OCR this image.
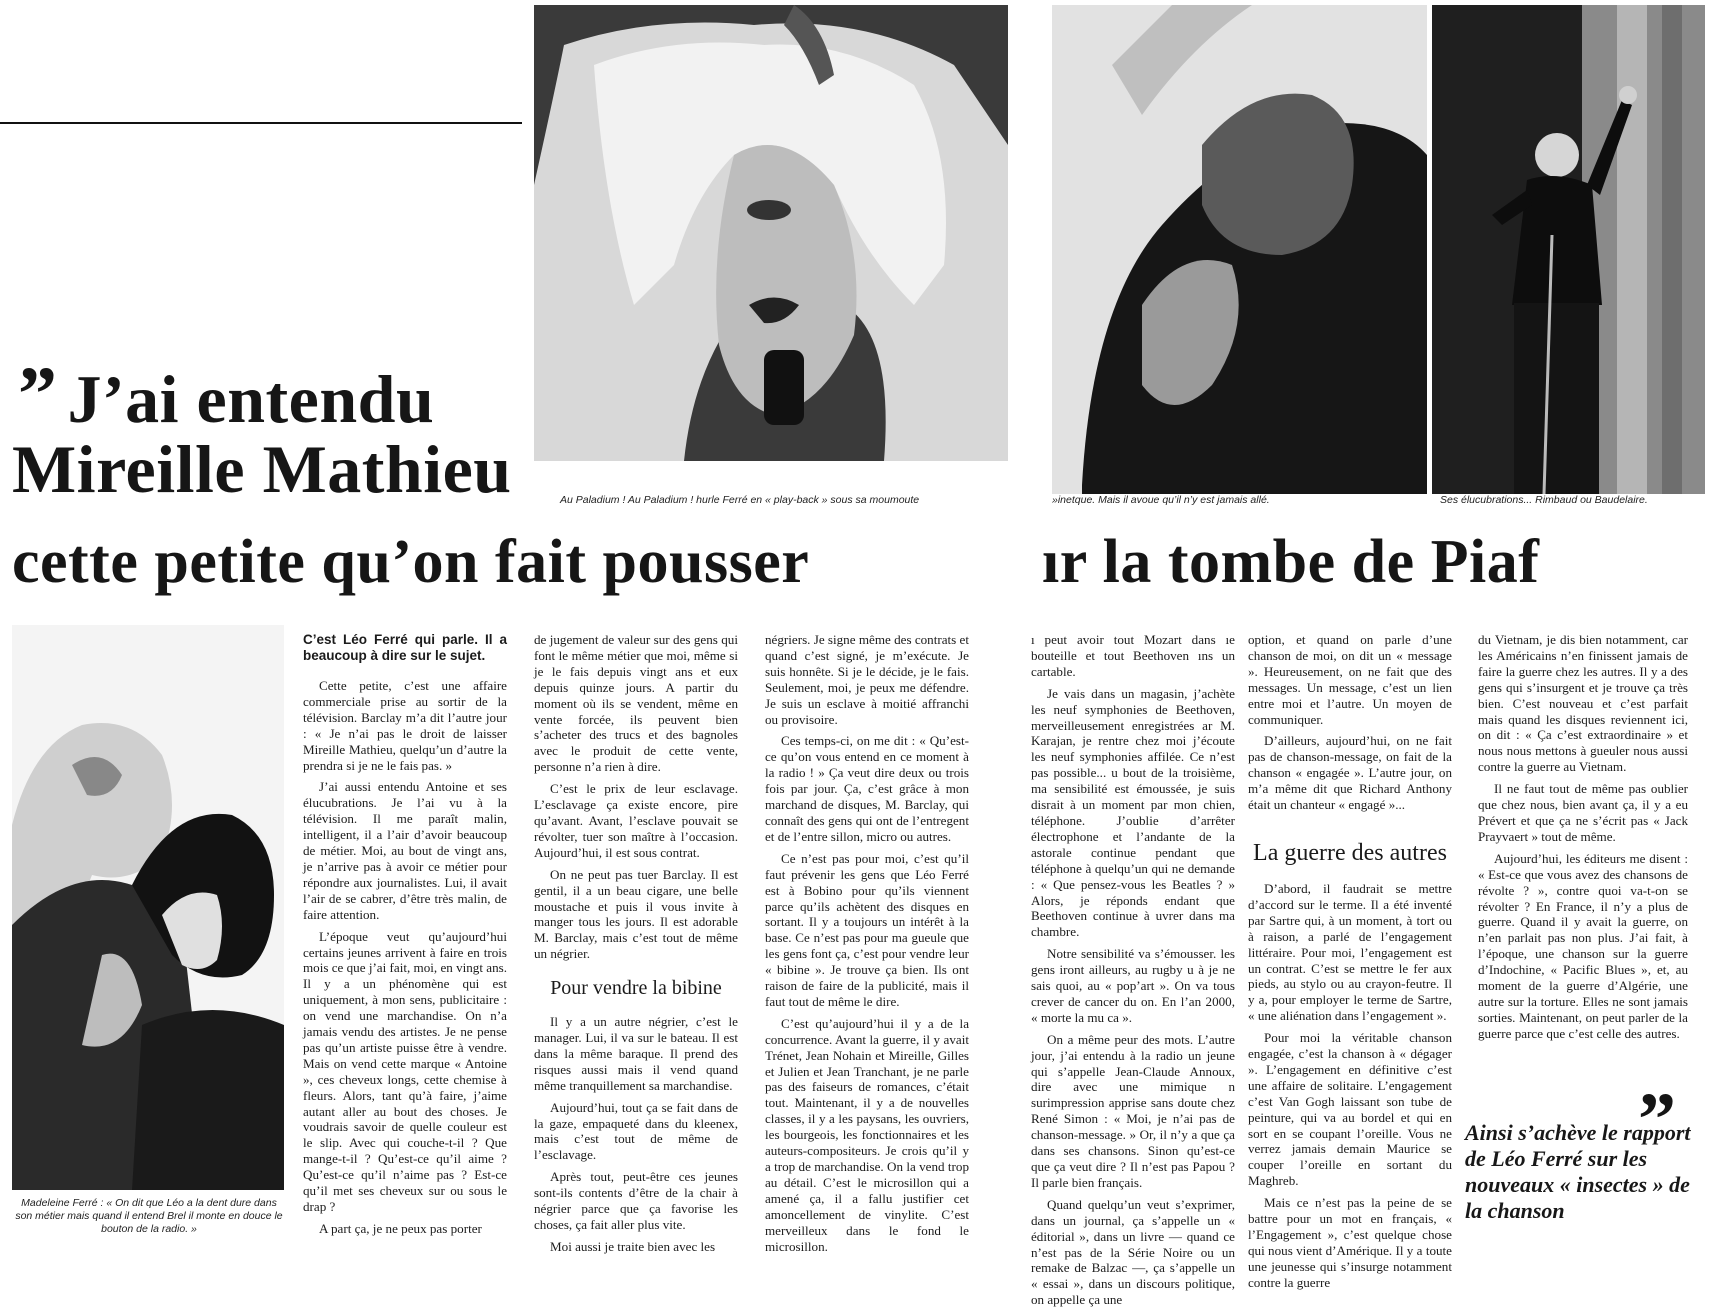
Au Paladium ! Au Paladium ! hurle Ferré en « play-back » sous sa moumoute	»inetque. Mais il avoue qu’il n’y est jamais allé.	Ses élucubrations... Rimbaud ou Baudelaire.
” J’ai entendu
Mireille Mathieu
cette petite qu’on fait pousser	ır la tombe de Piaf
Madeleine Ferré : « On dit que Léo a la dent dure dans son métier mais quand il entend Brel il monte en douce le bouton de la radio. »
C’est Léo Ferré qui parle. Il a beaucoup à dire sur le sujet.

Cette petite, c’est une affaire commerciale prise au sortir de la télévision. Barclay m’a dit l’autre jour : « Je n’ai pas le droit de laisser Mireille Mathieu, quelqu’un d’autre la prendra si je ne le fais pas. »

J’ai aussi entendu Antoine et ses élucubrations. Je l’ai vu à la télévision. Il me paraît malin, intelligent, il a l’air d’avoir beaucoup de métier. Moi, au bout de vingt ans, je n’arrive pas à avoir ce métier pour répondre aux journalistes. Lui, il avait l’air de se cabrer, d’être très malin, de faire attention.

L’époque veut qu’aujourd’hui certains jeunes arrivent à faire en trois mois ce que j’ai fait, moi, en vingt ans. Il y a un phénomène qui est uniquement, à mon sens, publicitaire : on vend une marchandise. On n’a jamais vendu des artistes. Je ne pense pas qu’un artiste puisse être à vendre. Mais on vend cette marque « Antoine », ces cheveux longs, cette chemise à fleurs. Alors, tant qu’à faire, j’aime autant aller au bout des choses. Je voudrais savoir de quelle couleur est le slip. Avec qui couche-t-il ? Que mange-t-il ? Qu’est-ce qu’il aime ? Qu’est-ce qu’il n’aime pas ? Est-ce qu’il met ses cheveux sur ou sous le drap ?

A part ça, je ne peux pas porter

de jugement de valeur sur des gens qui font le même métier que moi, même si je le fais depuis vingt ans et eux depuis quinze jours. A partir du moment où ils se vendent, même en vente forcée, ils peuvent bien s’acheter des trucs et des bagnoles avec le produit de cette vente, personne n’a rien à dire.

C’est le prix de leur esclavage. L’esclavage ça existe encore, pire qu’avant. Avant, l’esclave pouvait se révolter, tuer son maître à l’occasion. Aujourd’hui, il est sous contrat.

On ne peut pas tuer Barclay. Il est gentil, il a un beau cigare, une belle moustache et puis il vous invite à manger tous les jours. Il est adorable M. Barclay, mais c’est tout de même un négrier.

Pour vendre la bibine

Il y a un autre négrier, c’est le manager. Lui, il va sur le bateau. Il est dans la même baraque. Il prend des risques aussi mais il vend quand même tranquillement sa marchandise.

Aujourd’hui, tout ça se fait dans de la gaze, empaqueté dans du kleenex, mais c’est tout de même de l’esclavage.

Après tout, peut-être ces jeunes sont-ils contents d’être de la chair à négrier parce que ça favorise les choses, ça fait aller plus vite.

Moi aussi je traite bien avec les

négriers. Je signe même des contrats et quand c’est signé, je m’exécute. Je suis honnête. Si je le décide, je le fais. Seulement, moi, je peux me défendre. Je suis un esclave à moitié affranchi ou provisoire.

Ces temps-ci, on me dit : « Qu’est-ce qu’on vous entend en ce moment à la radio ! » Ça veut dire deux ou trois fois par jour. Ça, c’est grâce à mon marchand de disques, M. Barclay, qui connaît des gens qui ont de l’entregent et de l’entre sillon, micro ou autres.

Ce n’est pas pour moi, c’est qu’il faut prévenir les gens que Léo Ferré est à Bobino pour qu’ils viennent parce qu’ils achètent des disques en sortant. Il y a toujours un intérêt à la base. Ce n’est pas pour ma gueule que les gens font ça, c’est pour vendre leur « bibine ». Je trouve ça bien. Ils ont raison de faire de la publicité, mais il faut tout de même le dire.

C’est qu’aujourd’hui il y a de la concurrence. Avant la guerre, il y avait Trénet, Jean Nohain et Mireille, Gilles et Julien et Jean Tranchant, je ne parle pas des faiseurs de romances, c’était tout. Maintenant, il y a de nouvelles classes, il y a les paysans, les ouvriers, les bourgeois, les fonctionnaires et les auteurs-compositeurs. Je crois qu’il y a trop de marchandise. On la vend trop au détail. C’est le microsillon qui a amené ça, il a fallu justifier cet amoncellement de vinylite. C’est merveilleux dans le fond le microsillon.

ı peut avoir tout Mozart dans ıe bouteille et tout Beethoven ıns un cartable.

Je vais dans un magasin, j’achète les neuf symphonies de Beethoven, merveilleusement enregistrées ar M. Karajan, je rentre chez moi j’écoute les neuf symphonies affilée. Ce n’est pas possible... u bout de la troisième, ma sensibilité est émoussée, je suis disrait à un moment par mon chien, téléphone. J’oublie d’arrêter électrophone et l’andante de la astorale continue pendant que téléphone à quelqu’un qui ne demande : « Que pensez-vous les Beatles ? » Alors, je réponds endant que Beethoven continue à uvrer dans ma chambre.

Notre sensibilité va s’émousser. les gens iront ailleurs, au rugby u à je ne sais quoi, au « pop’art ». On va tous crever de cancer du on. En l’an 2000, « morte la mu ca ».

On a même peur des mots. L’autre jour, j’ai entendu à la radio un jeune qui s’appelle Jean-Claude Annoux, dire avec une mimique n surimpression apprise sans doute chez René Simon : « Moi, je n’ai pas de chanson-message. » Or, il n’y a que ça dans ses chansons. Sinon qu’est-ce que ça veut dire ? Il n’est pas Papou ? Il parle bien français.

Quand quelqu’un veut s’exprimer, dans un journal, ça s’appelle un « éditorial », dans un livre — quand ce n’est pas de la Série Noire ou un remake de Balzac —, ça s’appelle un « essai », dans un discours politique, on appelle ça une

option, et quand on parle d’une chanson de moi, on dit un « message ». Heureusement, on ne fait que des messages. Un message, c’est un lien entre moi et l’autre. Un moyen de communiquer.

D’ailleurs, aujourd’hui, on ne fait pas de chanson-message, on fait de la chanson « engagée ». L’autre jour, on m’a même dit que Richard Anthony était un chanteur « engagé »...

La guerre des autres

D’abord, il faudrait se mettre d’accord sur le terme. Il a été inventé par Sartre qui, à un moment, à tort ou à raison, a parlé de l’engagement littéraire. Pour moi, l’engagement est un contrat. C’est se mettre le fer aux pieds, au stylo ou au crayon-feutre. Il y a, pour employer le terme de Sartre, « une aliénation dans l’engagement ».

Pour moi la véritable chanson engagée, c’est la chanson à « dégager ». L’engagement en définitive c’est une affaire de solitaire. L’engagement c’est Van Gogh laissant son tube de peinture, qui va au bordel et qui en sort en se coupant l’oreille. Vous ne verrez jamais demain Maurice se couper l’oreille en sortant du Maghreb.

Mais ce n’est pas la peine de se battre pour un mot en français, « l’Engagement », c’est quelque chose qui nous vient d’Amérique. Il y a toute une jeunesse qui s’insurge notamment contre la guerre

du Vietnam, je dis bien notamment, car les Américains n’en finissent jamais de faire la guerre chez les autres. Il y a des gens qui s’insurgent et je trouve ça très bien. C’est nouveau et c’est parfait mais quand les disques reviennent ici, on dit : « Ça c’est extraordinaire » et nous nous mettons à gueuler nous aussi contre la guerre au Vietnam.

Il ne faut tout de même pas oublier que chez nous, bien avant ça, il y a eu Prévert et que ça ne s’écrit pas « Jack Prayvaert » tout de même.

Aujourd’hui, les éditeurs me disent : « Est-ce que vous avez des chansons de révolte ? », contre quoi va-t-on se révolter ? En France, il n’y a plus de guerre. Quand il y avait la guerre, on n’en parlait pas non plus. J’ai fait, à l’époque, une chanson sur la guerre d’Indochine, « Pacific Blues », et, au moment de la guerre d’Algérie, une autre sur la torture. Elles ne sont jamais sorties. Maintenant, on peut parler de la guerre parce que c’est celle des autres.

”
Ainsi s’achève le rapport de Léo Ferré sur les nouveaux « insectes » de la chanson
